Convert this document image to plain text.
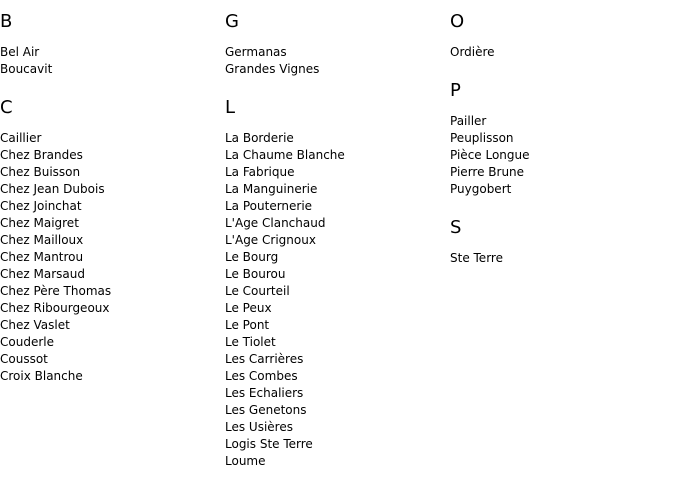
B
Bel Air
Boucavit
C
Caillier
Chez Brandes
Chez Buisson
Chez Jean Dubois
Chez Joinchat
Chez Maigret
Chez Mailloux
Chez Mantrou
Chez Marsaud
Chez Père Thomas
Chez Ribourgeoux
Chez Vaslet
Couderle
Coussot
Croix Blanche
G
Germanas
Grandes Vignes
L
La Borderie
La Chaume Blanche
La Fabrique
La Manguinerie
La Pouternerie
L'Age Clanchaud
L'Age Crignoux
Le Bourg
Le Bourou
Le Courteil
Le Peux
Le Pont
Le Tiolet
Les Carrières
Les Combes
Les Echaliers
Les Genetons
Les Usières
Logis Ste Terre
Loume
O
Ordière
P
Pailler
Peuplisson
Pièce Longue
Pierre Brune
Puygobert
S
Ste Terre
